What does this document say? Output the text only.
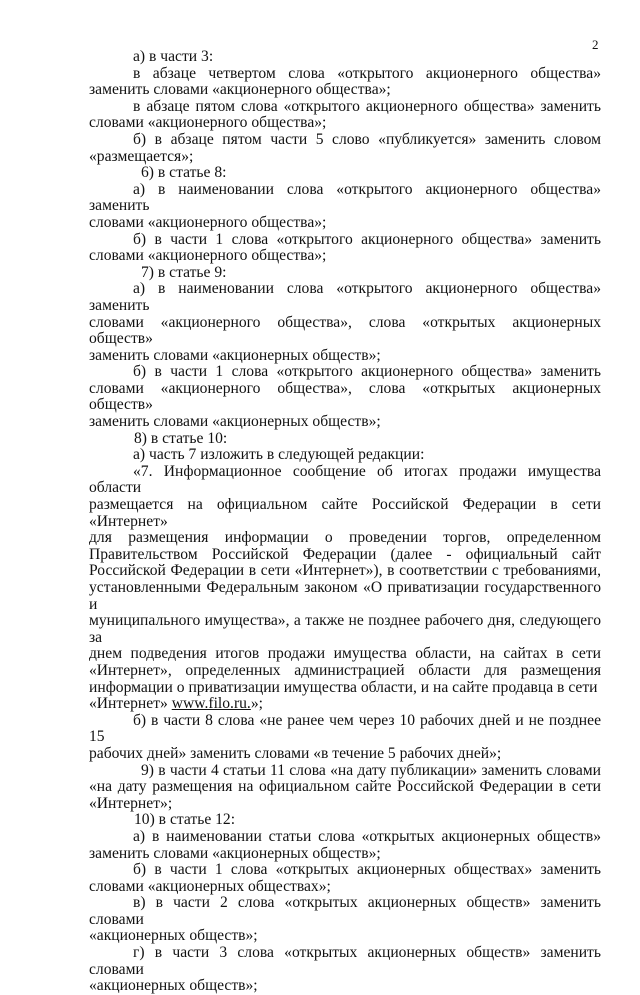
2
а) в части 3:
в абзаце четвертом слова «открытого акционерного общества»
заменить словами «акционерного общества»;
в абзаце пятом слова «открытого акционерного общества» заменить
словами «акционерного общества»;
б) в абзаце пятом части 5 слово «публикуется» заменить словом
«размещается»;
6) в статье 8:
а) в наименовании слова «открытого акционерного общества» заменить
словами «акционерного общества»;
б) в части 1 слова «открытого акционерного общества» заменить
словами «акционерного общества»;
7) в статье 9:
а) в наименовании слова «открытого акционерного общества» заменить
словами «акционерного общества», слова «открытых акционерных обществ»
заменить словами «акционерных обществ»;
б) в части 1 слова «открытого акционерного общества» заменить
словами «акционерного общества», слова «открытых акционерных обществ»
заменить словами «акционерных обществ»;
8) в статье 10:
а) часть 7 изложить в следующей редакции:
«7. Информационное сообщение об итогах продажи имущества области
размещается на официальном сайте Российской Федерации в сети «Интернет»
для размещения информации о проведении торгов, определенном
Правительством Российской Федерации (далее - официальный сайт
Российской Федерации в сети «Интернет»), в соответствии с требованиями,
установленными Федеральным законом «О приватизации государственного и
муниципального имущества», а также не позднее рабочего дня, следующего за
днем подведения итогов продажи имущества области, на сайтах в сети
«Интернет», определенных администрацией области для размещения
информации о приватизации имущества области, и на сайте продавца в сети
«Интернет» www.filo.ru.»;
б) в части 8 слова «не ранее чем через 10 рабочих дней и не позднее 15
рабочих дней» заменить словами «в течение 5 рабочих дней»;
9) в части 4 статьи 11 слова «на дату публикации» заменить словами
«на дату размещения на официальном сайте Российской Федерации в сети
«Интернет»;
10) в статье 12:
а) в наименовании статьи слова «открытых акционерных обществ»
заменить словами «акционерных обществ»;
б) в части 1 слова «открытых акционерных обществах» заменить
словами «акционерных обществах»;
в) в части 2 слова «открытых акционерных обществ» заменить словами
«акционерных обществ»;
г) в части 3 слова «открытых акционерных обществ» заменить словами
«акционерных обществ»;
